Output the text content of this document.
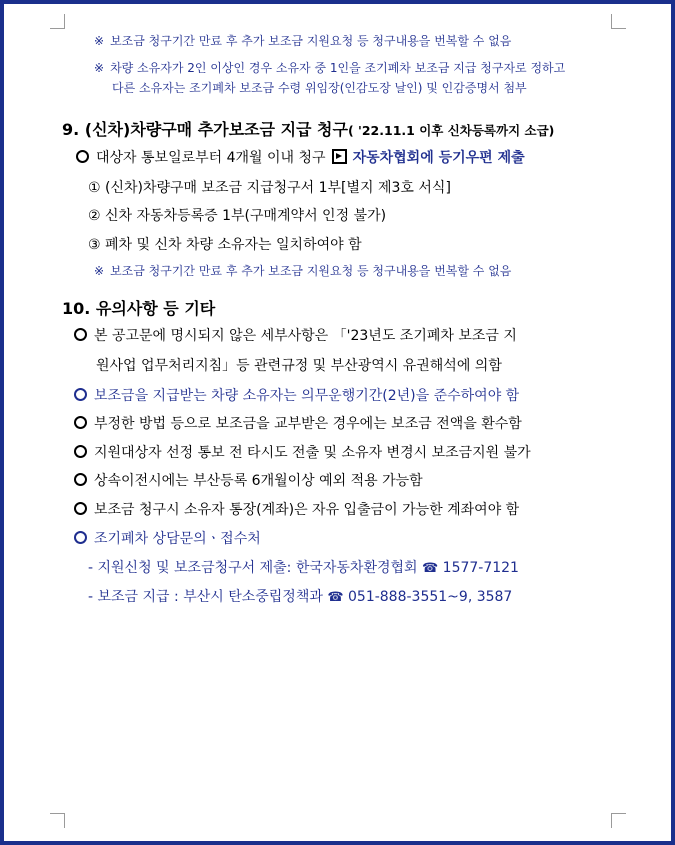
※ 보조금 청구기간 만료 후 추가 보조금 지원요청 등 청구내용을 번복할 수 없음
※ 차량 소유자가 2인 이상인 경우 소유자 중 1인을 조기폐차 보조금 지급 청구자로 정하고
다른 소유자는 조기폐차 보조금 수령 위임장(인감도장 날인) 및 인감증명서 첨부
9. (신차)차량구매 추가보조금 지급 청구( '22.11.1 이후 신차등록까지 소급)
대상자 통보일로부터 4개월 이내 청구 자동차협회에 등기우편 제출
① (신차)차량구매 보조금 지급청구서 1부[별지 제3호 서식]
② 신차 자동차등록증 1부(구매계약서 인정 불가)
③ 폐차 및 신차 차량 소유자는 일치하여야 함
※ 보조금 청구기간 만료 후 추가 보조금 지원요청 등 청구내용을 번복할 수 없음
10. 유의사항 등 기타
본 공고문에 명시되지 않은 세부사항은 「'23년도 조기폐차 보조금 지
원사업 업무처리지침」등 관련규정 및 부산광역시 유권해석에 의함
보조금을 지급받는 차량 소유자는 의무운행기간(2년)을 준수하여야 함
부정한 방법 등으로 보조금을 교부받은 경우에는 보조금 전액을 환수함
지원대상자 선정 통보 전 타시도 전출 및 소유자 변경시 보조금지원 불가
상속이전시에는 부산등록 6개월이상 예외 적용 가능함
보조금 청구시 소유자 통장(계좌)은 자유 입출금이 가능한 계좌여야 함
조기폐차 상담문의ㆍ접수처
- 지원신청 및 보조금청구서 제출: 한국자동차환경협회 ☎ 1577-7121
- 보조금 지급 : 부산시 탄소중립정책과 ☎ 051-888-3551~9, 3587
